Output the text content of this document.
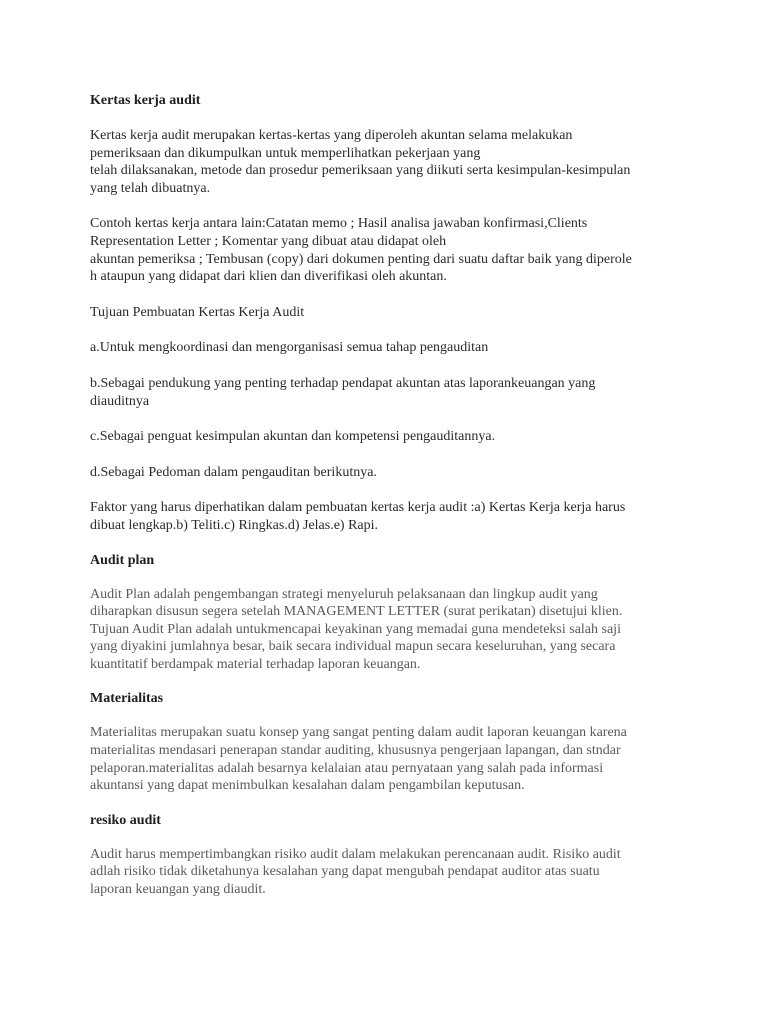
Kertas kerja audit
Kertas kerja audit merupakan kertas-kertas yang diperoleh akuntan selama melakukan
pemeriksaan dan dikumpulkan untuk memperlihatkan pekerjaan yang
telah dilaksanakan, metode dan prosedur pemeriksaan yang diikuti serta kesimpulan-kesimpulan
yang telah dibuatnya.
Contoh kertas kerja antara lain:Catatan memo ; Hasil analisa jawaban konfirmasi,Clients
Representation Letter ; Komentar yang dibuat atau didapat oleh
akuntan pemeriksa ; Tembusan (copy) dari dokumen penting dari suatu daftar baik yang diperole
h ataupun yang didapat dari klien dan diverifikasi oleh akuntan.
Tujuan Pembuatan Kertas Kerja Audit
a.Untuk mengkoordinasi dan mengorganisasi semua tahap pengauditan
b.Sebagai pendukung yang penting terhadap pendapat akuntan atas laporankeuangan yang
diauditnya
c.Sebagai penguat kesimpulan akuntan dan kompetensi pengauditannya.
d.Sebagai Pedoman dalam pengauditan berikutnya.
Faktor yang harus diperhatikan dalam pembuatan kertas kerja audit :a) Kertas Kerja kerja harus
dibuat lengkap.b) Teliti.c) Ringkas.d) Jelas.e) Rapi.
Audit plan
Audit Plan adalah pengembangan strategi menyeluruh pelaksanaan dan lingkup audit yang
diharapkan disusun segera setelah MANAGEMENT LETTER (surat perikatan) disetujui klien.
Tujuan Audit Plan adalah untukmencapai keyakinan yang memadai guna mendeteksi salah saji
yang diyakini jumlahnya besar, baik secara individual mapun secara keseluruhan, yang secara
kuantitatif berdampak material terhadap laporan keuangan.
Materialitas
Materialitas merupakan suatu konsep yang sangat penting dalam audit laporan keuangan karena
materialitas mendasari penerapan standar auditing, khususnya pengerjaan lapangan, dan stndar
pelaporan.materialitas adalah besarnya kelalaian atau pernyataan yang salah pada informasi
akuntansi yang dapat menimbulkan kesalahan dalam pengambilan keputusan.
resiko audit
Audit harus mempertimbangkan risiko audit dalam melakukan perencanaan audit. Risiko audit
adlah risiko tidak diketahunya kesalahan yang dapat mengubah pendapat auditor atas suatu
laporan keuangan yang diaudit.
